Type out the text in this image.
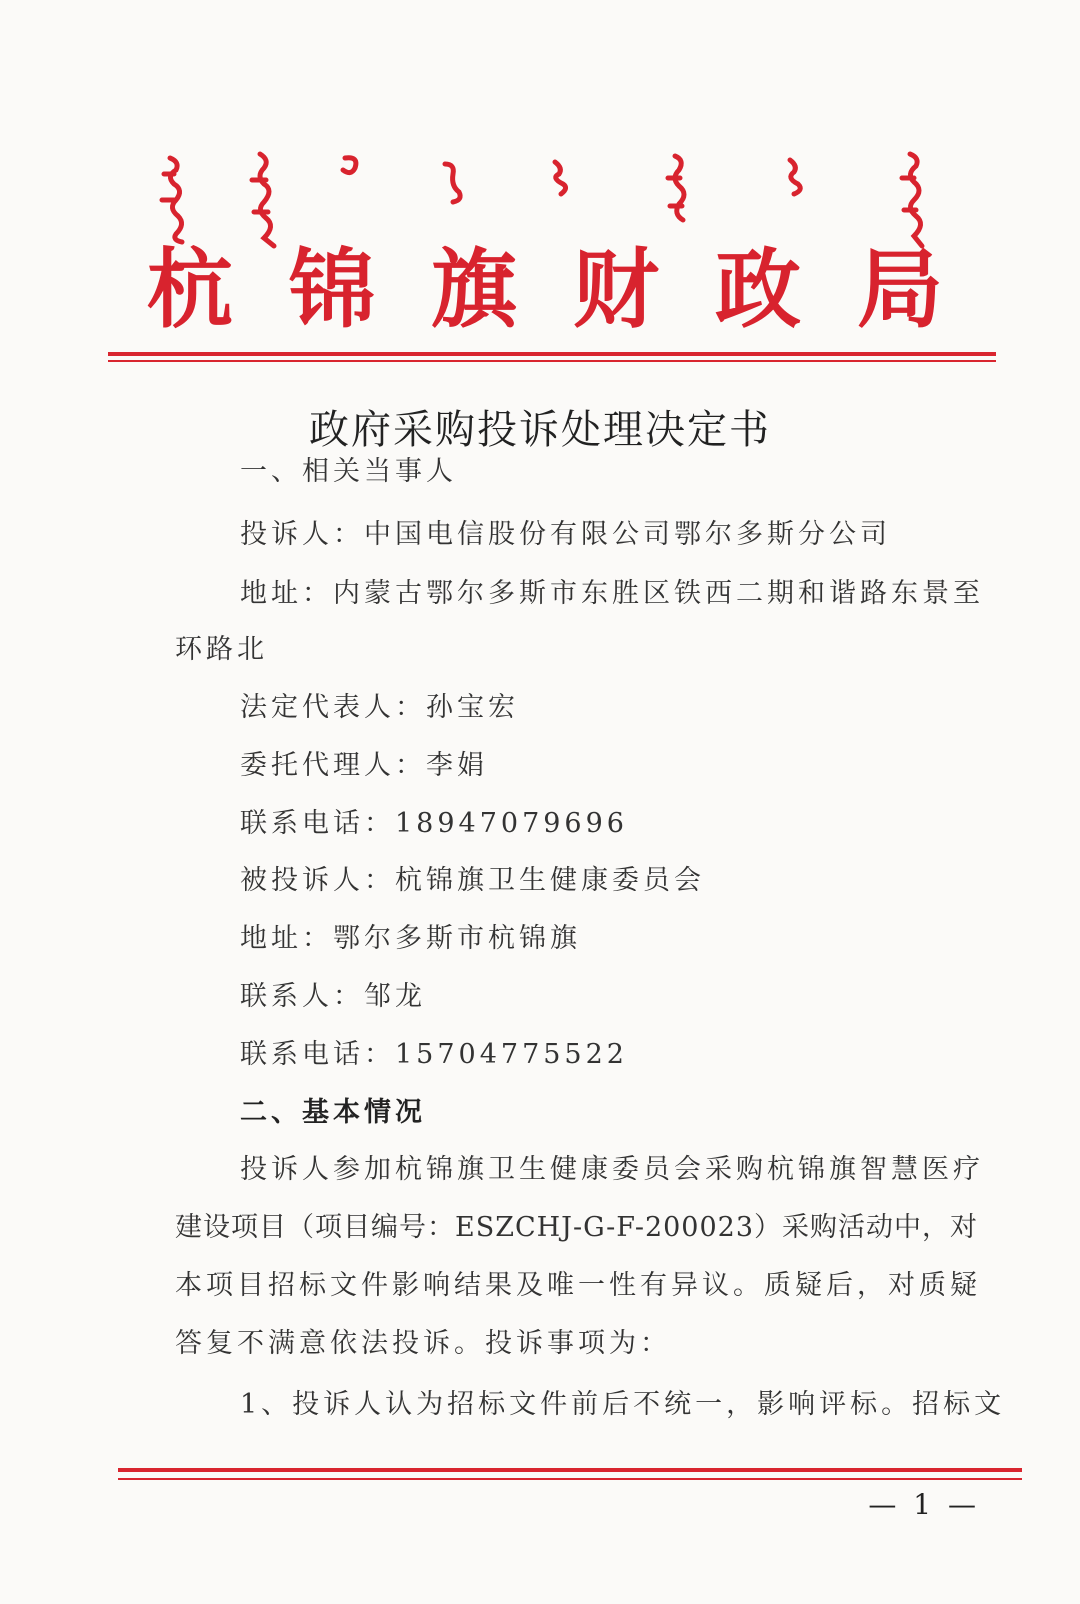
杭 锦 旗 财 政 局
政府采购投诉处理决定书
一、相关当事人
投诉人：中国电信股份有限公司鄂尔多斯分公司
地址：内蒙古鄂尔多斯市东胜区铁西二期和谐路东景至
环路北
法定代表人：孙宝宏
委托代理人：李娟
联系电话：18947079696
被投诉人：杭锦旗卫生健康委员会
地址：鄂尔多斯市杭锦旗
联系人：邹龙
联系电话：15704775522
二、基本情况
投诉人参加杭锦旗卫生健康委员会采购杭锦旗智慧医疗
建设项目（项目编号：ESZCHJ-G-F-200023）采购活动中，对
本项目招标文件影响结果及唯一性有异议。质疑后，对质疑
答复不满意依法投诉。投诉事项为：
1、投诉人认为招标文件前后不统一，影响评标。招标文
— 1 —
